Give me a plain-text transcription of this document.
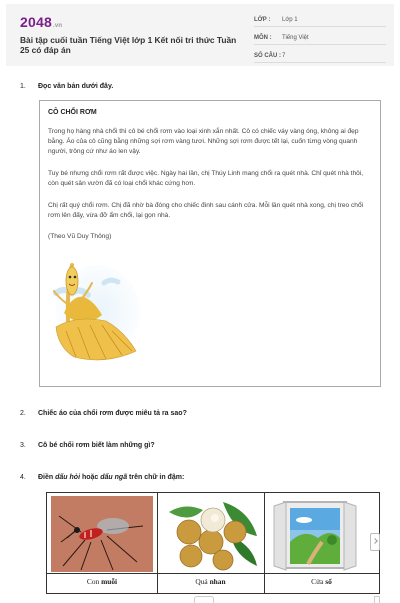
2048.vn
Bài tập cuối tuần Tiếng Việt lớp 1 Kết nối tri thức Tuần 25 có đáp án
LỚP :	Lớp 1
MÔN :	Tiếng Việt
SỐ CÂU : 7
1. Đọc văn bản dưới đây.
CÔ CHỔI RƠM
Trong họ hàng nhà chổi thì cô bé chổi rơm vào loại xinh xắn nhất. Cô có chiếc váy vàng óng, không ai đẹp bằng. Áo của cô cũng bằng những sợi rơm vàng tươi. Những sợi rơm được tết lại, cuốn từng vòng quanh người, trông cứ như áo len vậy.
Tuy bé nhưng chổi rơm rất được việc. Ngày hai lần, chị Thúy Linh mang chổi ra quét nhà. Chỉ quét nhà thôi, còn quét sân vườn đã có loại chổi khác cứng hơn.
Chị rất quý chổi rơm. Chị đã nhờ bà đóng cho chiếc đinh sau cánh cửa. Mỗi lần quét nhà xong, chị treo chổi rơm lên đấy, vừa đỡ ẩm chổi, lại gọn nhà.
(Theo Vũ Duy Thông)
2. Chiếc áo của chổi rơm được miêu tả ra sao?
3. Cô bé chổi rơm biết làm những gì?
4. Điền dấu hỏi hoặc dấu ngã trên chữ in đậm:
Con muỗi	Quả nhan	Cửa sổ
